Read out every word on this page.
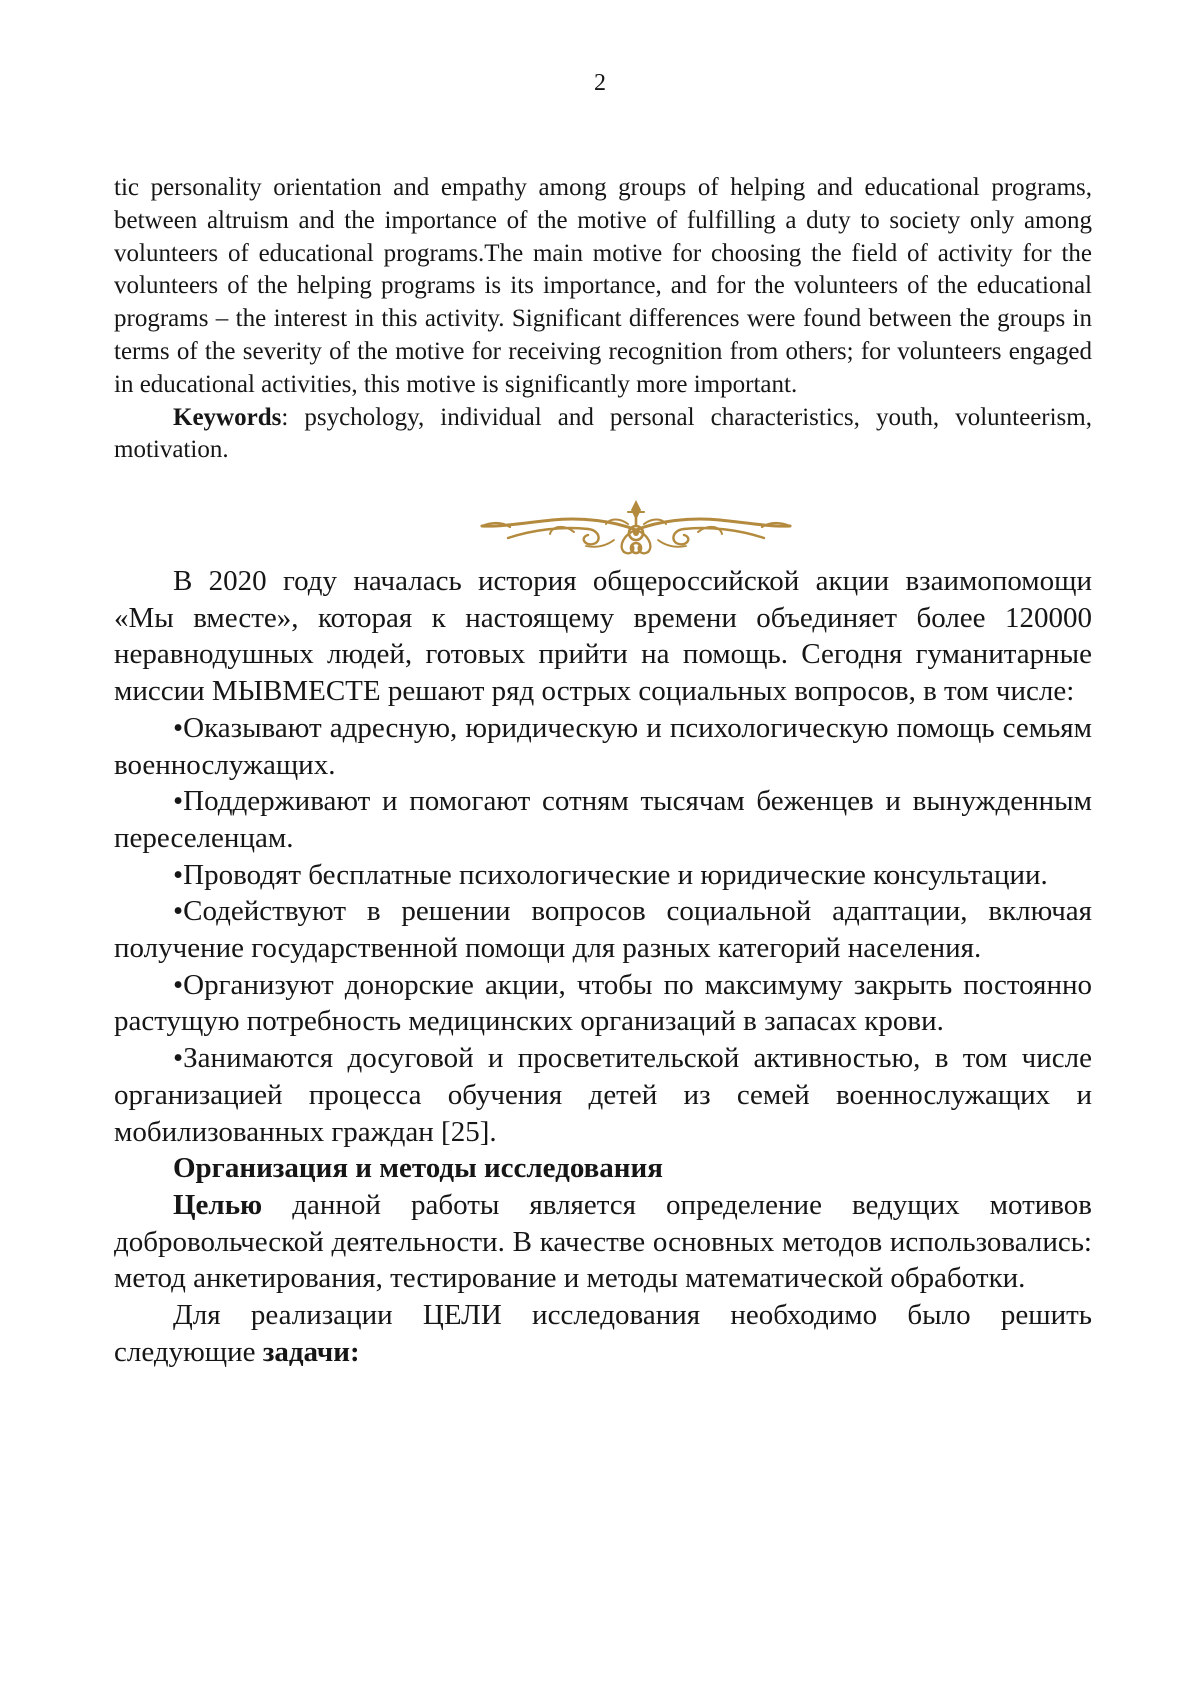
2

tic personality orientation and empathy among groups of helping and educational programs, between altruism and the importance of the motive of fulfilling a duty to society only among volunteers of educational programs.The main motive for choosing the field of activity for the volunteers of the helping programs is its importance, and for the volunteers of the educational programs – the interest in this activity. Significant differences were found between the groups in terms of the severity of the motive for receiving recognition from others; for volunteers engaged in educational activities, this motive is significantly more important.

Keywords: psychology, individual and personal characteristics, youth, volunteerism, motivation.

В 2020 году началась история общероссийской акции взаимопомощи «Мы вместе», которая к настоящему времени объединяет более 120000 неравнодушных людей, готовых прийти на помощь. Сегодня гуманитарные миссии МЫВМЕСТЕ решают ряд острых социальных вопросов, в том числе:

•Оказывают адресную, юридическую и психологическую помощь семьям военнослужащих.

•Поддерживают и помогают сотням тысячам беженцев и вынужденным переселенцам.

•Проводят бесплатные психологические и юридические консультации.

•Содействуют в решении вопросов социальной адаптации, включая получение государственной помощи для разных категорий населения.

•Организуют донорские акции, чтобы по максимуму закрыть постоянно растущую потребность медицинских организаций в запасах крови.

•Занимаются досуговой и просветительской активностью, в том числе организацией процесса обучения детей из семей военнослужащих и мобилизованных граждан [25].

Организация и методы исследования

Целью данной работы является определение ведущих мотивов добровольческой деятельности. В качестве основных методов использовались: метод анкетирования, тестирование и методы математической обработки.

Для реализации ЦЕЛИ исследования необходимо было решить следующие задачи:
